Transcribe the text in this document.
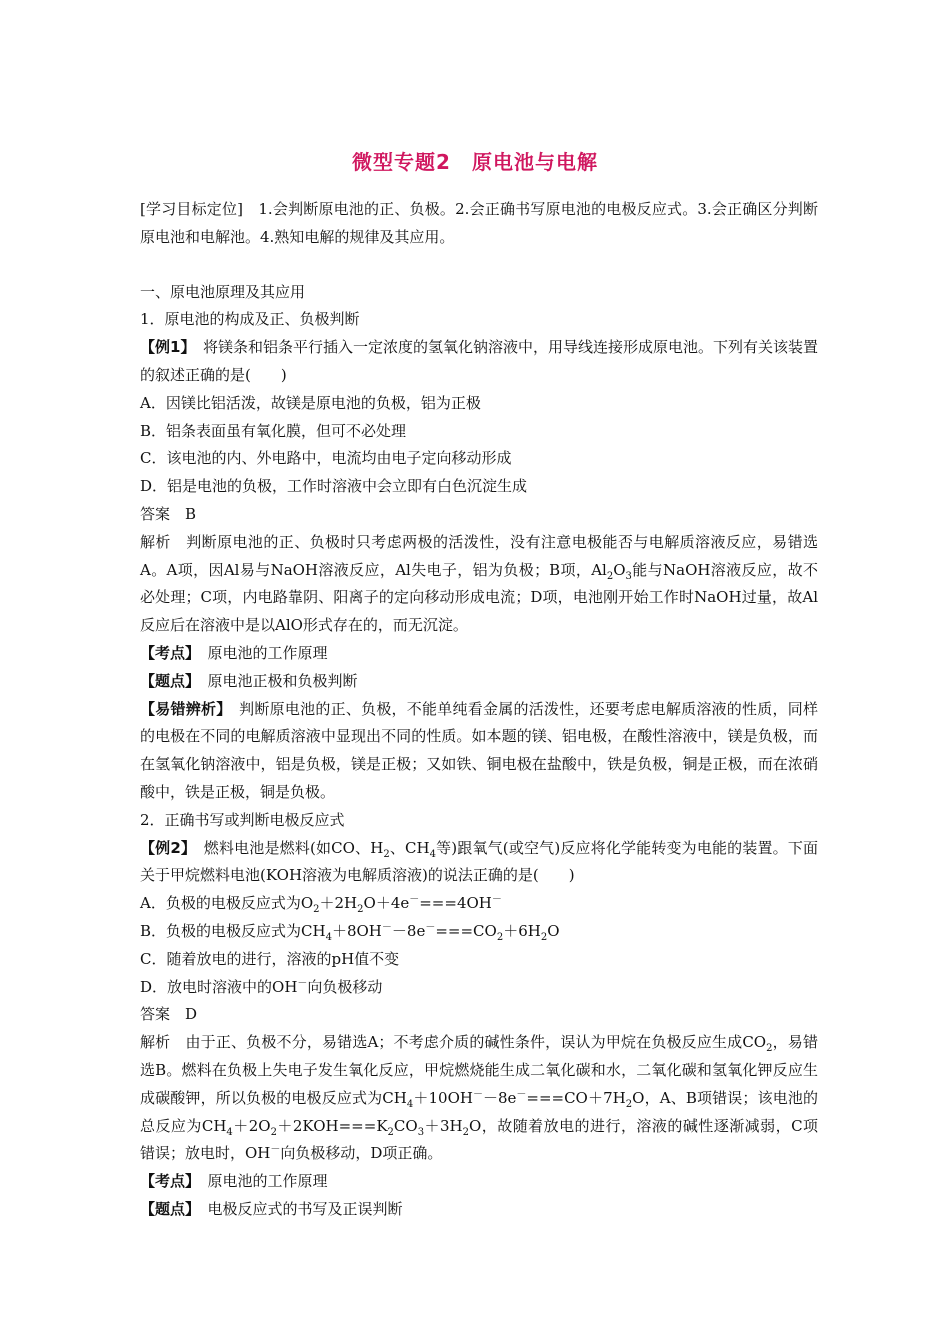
微型专题2　原电池与电解

[学习目标定位]　1.会判断原电池的正、负极。2.会正确书写原电池的电极反应式。3.会正确区分判断原电池和电解池。4.熟知电解的规律及其应用。

一、原电池原理及其应用

1．原电池的构成及正、负极判断

【例1】　将镁条和铝条平行插入一定浓度的氢氧化钠溶液中，用导线连接形成原电池。下列有关该装置的叙述正确的是(　　)

A．因镁比铝活泼，故镁是原电池的负极，铝为正极

B．铝条表面虽有氧化膜，但可不必处理

C．该电池的内、外电路中，电流均由电子定向移动形成

D．铝是电池的负极，工作时溶液中会立即有白色沉淀生成

答案　B

解析　判断原电池的正、负极时只考虑两极的活泼性，没有注意电极能否与电解质溶液反应，易错选A。A项，因Al易与NaOH溶液反应，Al失电子，铝为负极；B项，$Al_2O_3$能与NaOH溶液反应，故不必处理；C项，内电路靠阴、阳离子的定向移动形成电流；D项，电池刚开始工作时NaOH过量，故Al反应后在溶液中是以AlO形式存在的，而无沉淀。

【考点】　原电池的工作原理

【题点】　原电池正极和负极判断

【易错辨析】　判断原电池的正、负极，不能单纯看金属的活泼性，还要考虑电解质溶液的性质，同样的电极在不同的电解质溶液中显现出不同的性质。如本题的镁、铝电极，在酸性溶液中，镁是负极，而在氢氧化钠溶液中，铝是负极，镁是正极；又如铁、铜电极在盐酸中，铁是负极，铜是正极，而在浓硝酸中，铁是正极，铜是负极。

2．正确书写或判断电极反应式

【例2】　燃料电池是燃料(如CO、$H_2$、$CH_4$等)跟氧气(或空气)反应将化学能转变为电能的装置。下面关于甲烷燃料电池(KOH溶液为电解质溶液)的说法正确的是(　　)

A．负极的电极反应式为$O_2+2H_2O+4e^-===4OH^-$

B．负极的电极反应式为$CH_4+8OH^--8e^-===CO_2+6H_2O$

C．随着放电的进行，溶液的pH值不变

D．放电时溶液中的OH－向负极移动

答案　D

解析　由于正、负极不分，易错选A；不考虑介质的碱性条件，误认为甲烷在负极反应生成$CO_2$，易错选B。燃料在负极上失电子发生氧化反应，甲烷燃烧能生成二氧化碳和水，二氧化碳和氢氧化钾反应生成碳酸钾，所以负极的电极反应式为$CH_4+10OH^--8e^-===CO+7H_2O$，A、B项错误；该电池的总反应为$CH_4+2O_2+2KOH===K_2CO_3+3H_2O$，故随着放电的进行，溶液的碱性逐渐减弱，C项错误；放电时，OH－向负极移动，D项正确。

【考点】　原电池的工作原理

【题点】　电极反应式的书写及正误判断
